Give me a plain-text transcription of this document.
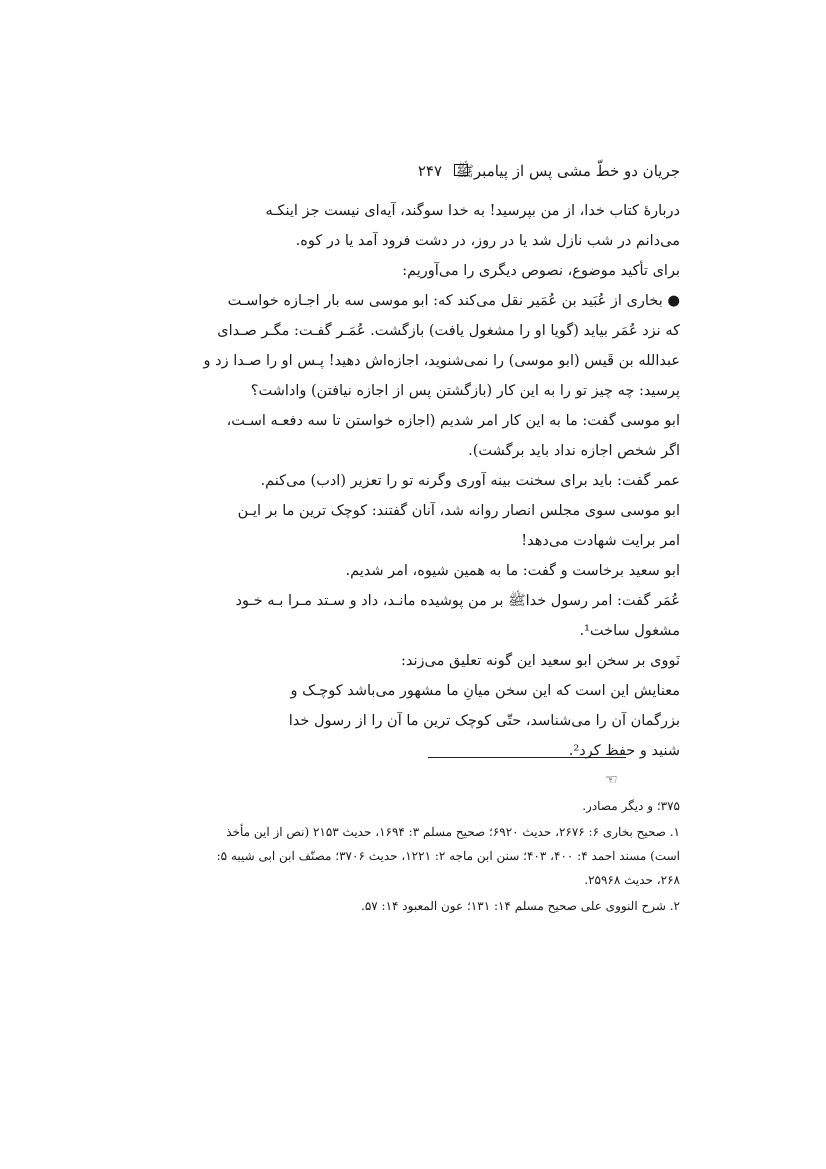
جریان دو خطّ مشی پس از پیامبرﷺ
۲۴۷
دربارۀ کتاب خدا، از من بپرسید! به خدا سوگند، آیه‌ای نیست جز اینکـه
می‌دانم در شب نازل شد یا در روز، در دشت فرود آمد یا در کوه.
برای تأکید موضوع، نصوص دیگری را می‌آوریم:
● بخاری از عُبَید بن عُمَیر نقل می‌کند که: ابو موسی سه بار اجـازه خواسـت
که نزد عُمَر بیاید (گویا او را مشغول یافت) بازگشت. عُمَـر گفـت: مگـر صـدای
عبدالله بن قَیس (ابو موسی) را نمی‌شنوید، اجازه‌اش دهید! پـس او را صـدا زد و
پرسید: چه چیز تو را به این کار (بازگشتن پس از اجازه نیافتن) واداشت؟
ابو موسی گفت: ما به این کار امر شدیم (اجازه خواستن تا سه دفعـه اسـت،
اگر شخص اجازه نداد باید برگشت).
عمر گفت: باید برای سخنت بینه آوری وگرنه تو را تعزیر (ادب) می‌کنم.
ابو موسی سوی مجلس انصار روانه شد، آنان گفتند: کوچک ترین ما بر ایـن
امر برایت شهادت می‌دهد!
ابو سعید برخاست و گفت: ما به همین شیوه، امر شدیم.
عُمَر گفت: امر رسول خداﷺ بر من پوشیده مانـد، داد و سـتد مـرا بـه خـود
مشغول ساخت¹.
نَووی بر سخن ابو سعید این گونه تعلیق می‌زند:
معنایش این است که این سخن میانِ ما مشهور می‌باشد کوچـک و
بزرگمان آن را می‌شناسد، حتّی کوچک ترین ما آن را از رسول خدا
شنید و حفظ کرد².
☜
۳۷۵؛ و دیگر مصادر.
۱. صحیح بخاری ۶: ۲۶۷۶، حدیث ۶۹۲۰؛ صحیح مسلم ۳: ۱۶۹۴، حدیث ۲۱۵۳ (نص از این مأخذ
است) مسند احمد ۴: ۴۰۰، ۴۰۳؛ سنن ابن ماجه ۲: ۱۲۲۱، حدیث ۳۷۰۶؛ مصنّف ابن ابی شیبه ۵:
۲۶۸، حدیث ۲۵۹۶۸.
۲. شرح النووی علی صحیح مسلم ۱۴: ۱۳۱؛ عون المعبود ۱۴: ۵۷.
